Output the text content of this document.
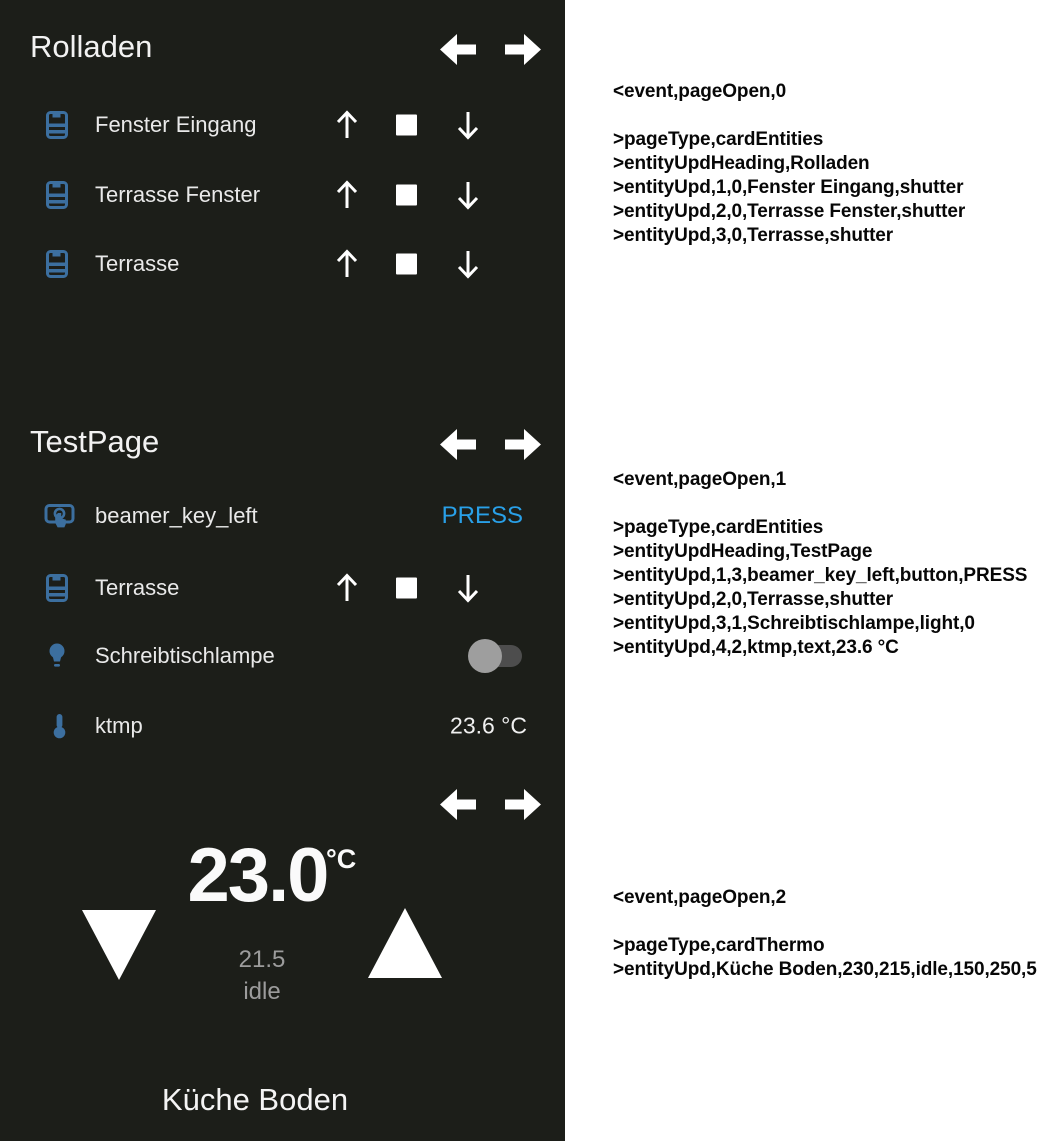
Rolladen
Fenster Eingang
Terrasse Fenster
Terrasse
TestPage
beamer_key_left	PRESS
Terrasse
Schreibtischlampe
ktmp	23.6 °C

23.0

°C
21.5
idle
Küche Boden

<event,pageOpen,0

>pageType,cardEntities

>entityUpdHeading,Rolladen

>entityUpd,1,0,Fenster Eingang,shutter

>entityUpd,2,0,Terrasse Fenster,shutter

>entityUpd,3,0,Terrasse,shutter

<event,pageOpen,1

>pageType,cardEntities

>entityUpdHeading,TestPage

>entityUpd,1,3,beamer_key_left,button,PRESS

>entityUpd,2,0,Terrasse,shutter

>entityUpd,3,1,Schreibtischlampe,light,0

>entityUpd,4,2,ktmp,text,23.6 °C

<event,pageOpen,2

>pageType,cardThermo

>entityUpd,Küche Boden,230,215,idle,150,250,5
